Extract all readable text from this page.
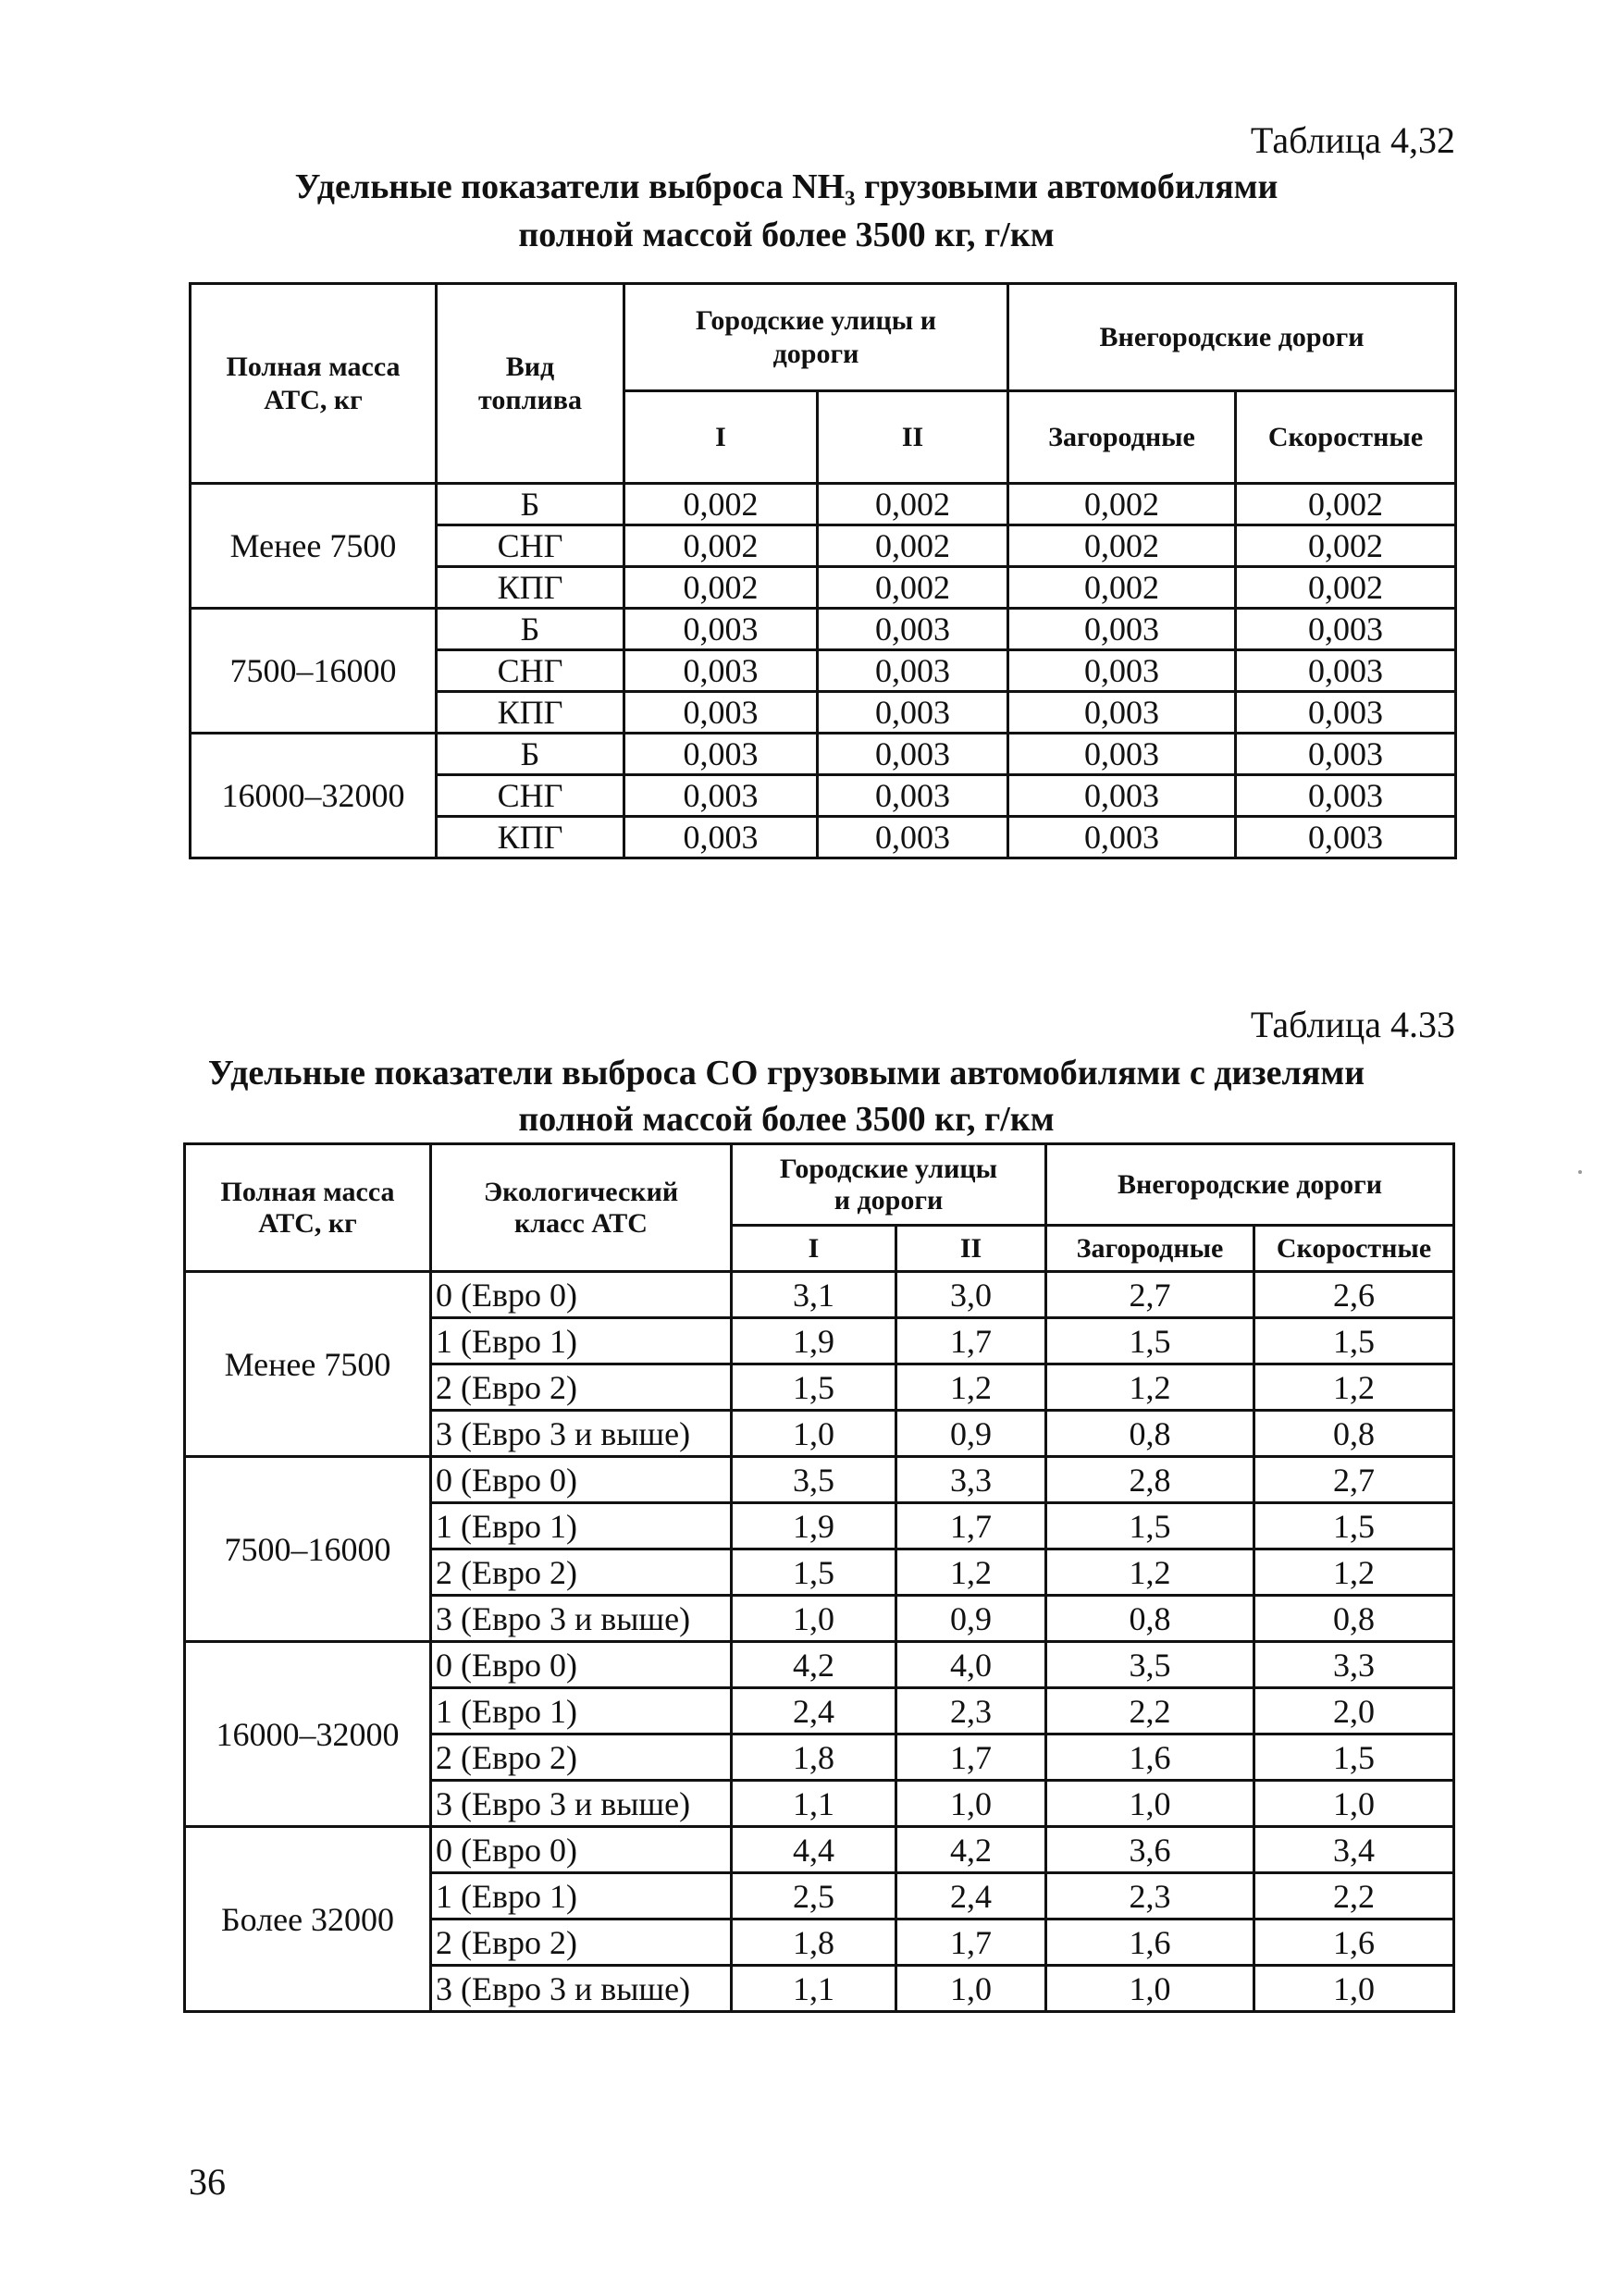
Таблица 4,32
Удельные показатели выброса NH₃ грузовыми автомобилями
полной массой более 3500 кг, г/км
Полная масса АТС, кг	Вид топлива	Городские улицы и дороги		Внегородские дороги	
		I	II	Загородные	Скоростные
Менее 7500	Б	0,002	0,002	0,002	0,002
	СНГ	0,002	0,002	0,002	0,002
	КПГ	0,002	0,002	0,002	0,002
7500–16000	Б	0,003	0,003	0,003	0,003
	СНГ	0,003	0,003	0,003	0,003
	КПГ	0,003	0,003	0,003	0,003
16000–32000	Б	0,003	0,003	0,003	0,003
	СНГ	0,003	0,003	0,003	0,003
	КПГ	0,003	0,003	0,003	0,003
Таблица 4.33
Удельные показатели выброса СО грузовыми автомобилями с дизелями
полной массой более 3500 кг, г/км
Полная масса АТС, кг	Экологический класс АТС	Городские улицы и дороги		Внегородские дороги	
		I	II	Загородные	Скоростные
Менее 7500	0 (Евро 0)	3,1	3,0	2,7	2,6
	1 (Евро 1)	1,9	1,7	1,5	1,5
	2 (Евро 2)	1,5	1,2	1,2	1,2
	3 (Евро 3 и выше)	1,0	0,9	0,8	0,8
7500–16000	0 (Евро 0)	3,5	3,3	2,8	2,7
	1 (Евро 1)	1,9	1,7	1,5	1,5
	2 (Евро 2)	1,5	1,2	1,2	1,2
	3 (Евро 3 и выше)	1,0	0,9	0,8	0,8
16000–32000	0 (Евро 0)	4,2	4,0	3,5	3,3
	1 (Евро 1)	2,4	2,3	2,2	2,0
	2 (Евро 2)	1,8	1,7	1,6	1,5
	3 (Евро 3 и выше)	1,1	1,0	1,0	1,0
Более 32000	0 (Евро 0)	4,4	4,2	3,6	3,4
	1 (Евро 1)	2,5	2,4	2,3	2,2
	2 (Евро 2)	1,8	1,7	1,6	1,6
	3 (Евро 3 и выше)	1,1	1,0	1,0	1,0
36
